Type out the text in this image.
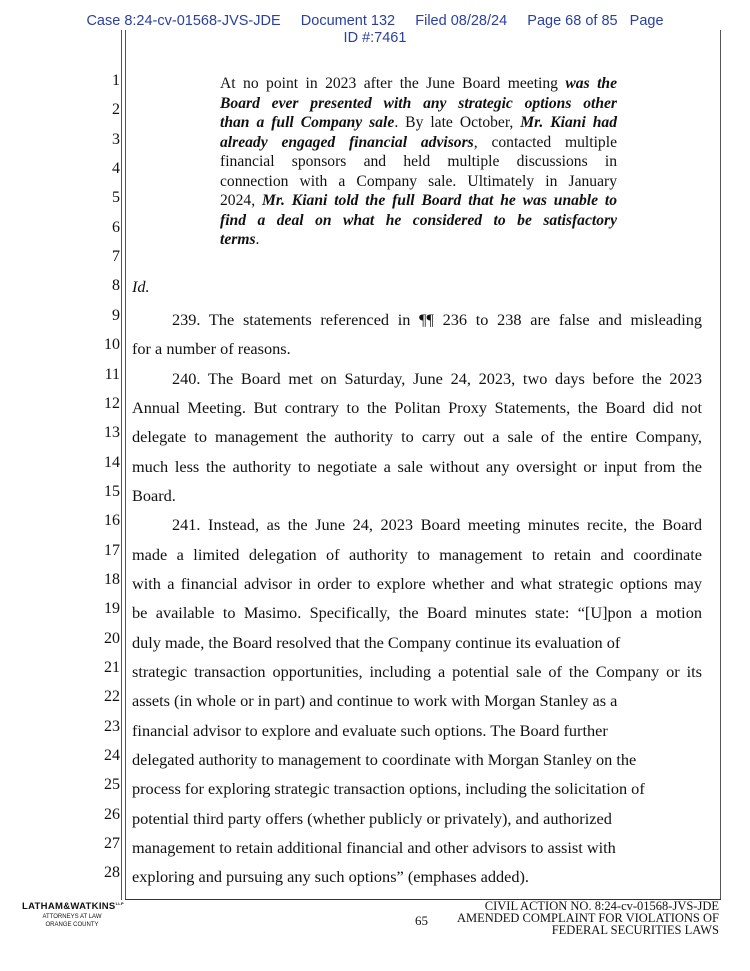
Case 8:24-cv-01568-JVS-JDE     Document 132     Filed 08/28/24     Page 68 of 85   Page
ID #:7461
1
2
3
4
5
6
7
8
9
10
11
12
13
14
15
16
17
18
19
20
21
22
23
24
25
26
27
28
At no point in 2023 after the June Board meeting was the
Board ever presented with any strategic options other
than a full Company sale. By late October, Mr. Kiani had
already engaged financial advisors, contacted multiple
financial sponsors and held multiple discussions in
connection with a Company sale. Ultimately in January
2024, Mr. Kiani told the full Board that he was unable to
find a deal on what he considered to be satisfactory
terms.
Id.
239. The statements referenced in ¶¶ 236 to 238 are false and misleading
for a number of reasons.
240. The Board met on Saturday, June 24, 2023, two days before the 2023
Annual Meeting. But contrary to the Politan Proxy Statements, the Board did not
delegate to management the authority to carry out a sale of the entire Company,
much less the authority to negotiate a sale without any oversight or input from the
Board.
241. Instead, as the June 24, 2023 Board meeting minutes recite, the Board
made a limited delegation of authority to management to retain and coordinate
with a financial advisor in order to explore whether and what strategic options may
be available to Masimo. Specifically, the Board minutes state: “[U]pon a motion
duly made, the Board resolved that the Company continue its evaluation of
strategic transaction opportunities, including a potential sale of the Company or its
assets (in whole or in part) and continue to work with Morgan Stanley as a
financial advisor to explore and evaluate such options. The Board further
delegated authority to management to coordinate with Morgan Stanley on the
process for exploring strategic transaction options, including the solicitation of
potential third party offers (whether publicly or privately), and authorized
management to retain additional financial and other advisors to assist with
exploring and pursuing any such options” (emphases added).
$LATHAM\&WATKINS^{LLP}$
ATTORNEYS AT LAW
ORANGE COUNTY	65
CIVIL ACTION NO. 8:24-cv-01568-JVS-JDE
AMENDED COMPLAINT FOR VIOLATIONS OF
FEDERAL SECURITIES LAWS
